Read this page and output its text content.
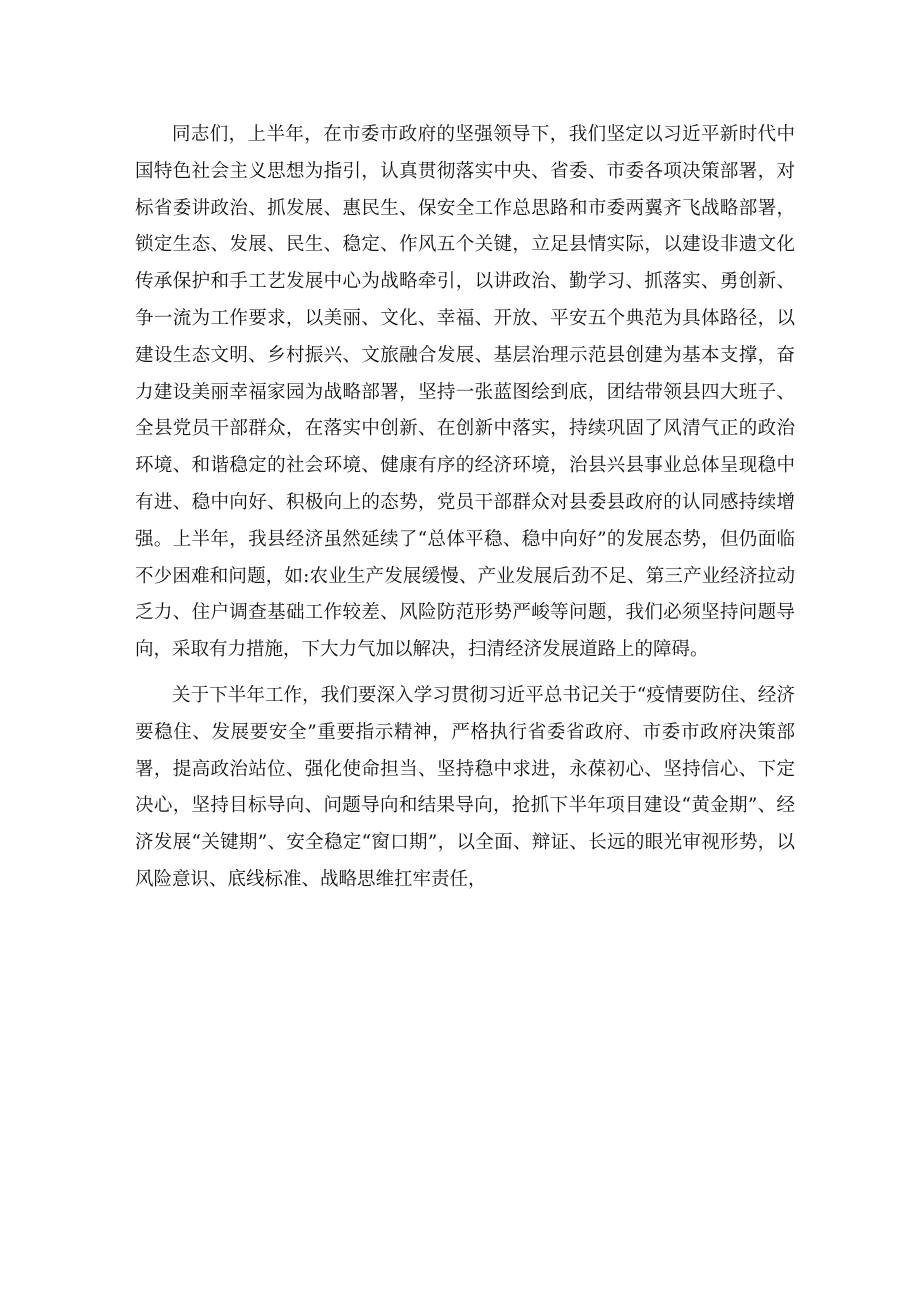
同志们，上半年，在市委市政府的坚强领导下，我们坚定以习近平新时代中国特色社会主义思想为指引，认真贯彻落实中央、省委、市委各项决策部署，对标省委讲政治、抓发展、惠民生、保安全工作总思路和市委两翼齐飞战略部署，锁定生态、发展、民生、稳定、作风五个关键，立足县情实际，以建设非遗文化传承保护和手工艺发展中心为战略牵引，以讲政治、勤学习、抓落实、勇创新、争一流为工作要求，以美丽、文化、幸福、开放、平安五个典范为具体路径，以建设生态文明、乡村振兴、文旅融合发展、基层治理示范县创建为基本支撑，奋力建设美丽幸福家园为战略部署，坚持一张蓝图绘到底，团结带领县四大班子、全县党员干部群众，在落实中创新、在创新中落实，持续巩固了风清气正的政治环境、和谐稳定的社会环境、健康有序的经济环境，治县兴县事业总体呈现稳中有进、稳中向好、积极向上的态势，党员干部群众对县委县政府的认同感持续增强。上半年，我县经济虽然延续了“总体平稳、稳中向好”的发展态势，但仍面临不少困难和问题，如:农业生产发展缓慢、产业发展后劲不足、第三产业经济拉动乏力、住户调查基础工作较差、风险防范形势严峻等问题，我们必须坚持问题导向，采取有力措施，下大力气加以解决，扫清经济发展道路上的障碍。

关于下半年工作，我们要深入学习贯彻习近平总书记关于“疫情要防住、经济要稳住、发展要安全”重要指示精神，严格执行省委省政府、市委市政府决策部署，提高政治站位、强化使命担当、坚持稳中求进，永葆初心、坚持信心、下定决心，坚持目标导向、问题导向和结果导向，抢抓下半年项目建设“黄金期”、经济发展“关键期”、安全稳定“窗口期”，以全面、辩证、长远的眼光审视形势，以风险意识、底线标准、战略思维扛牢责任，
